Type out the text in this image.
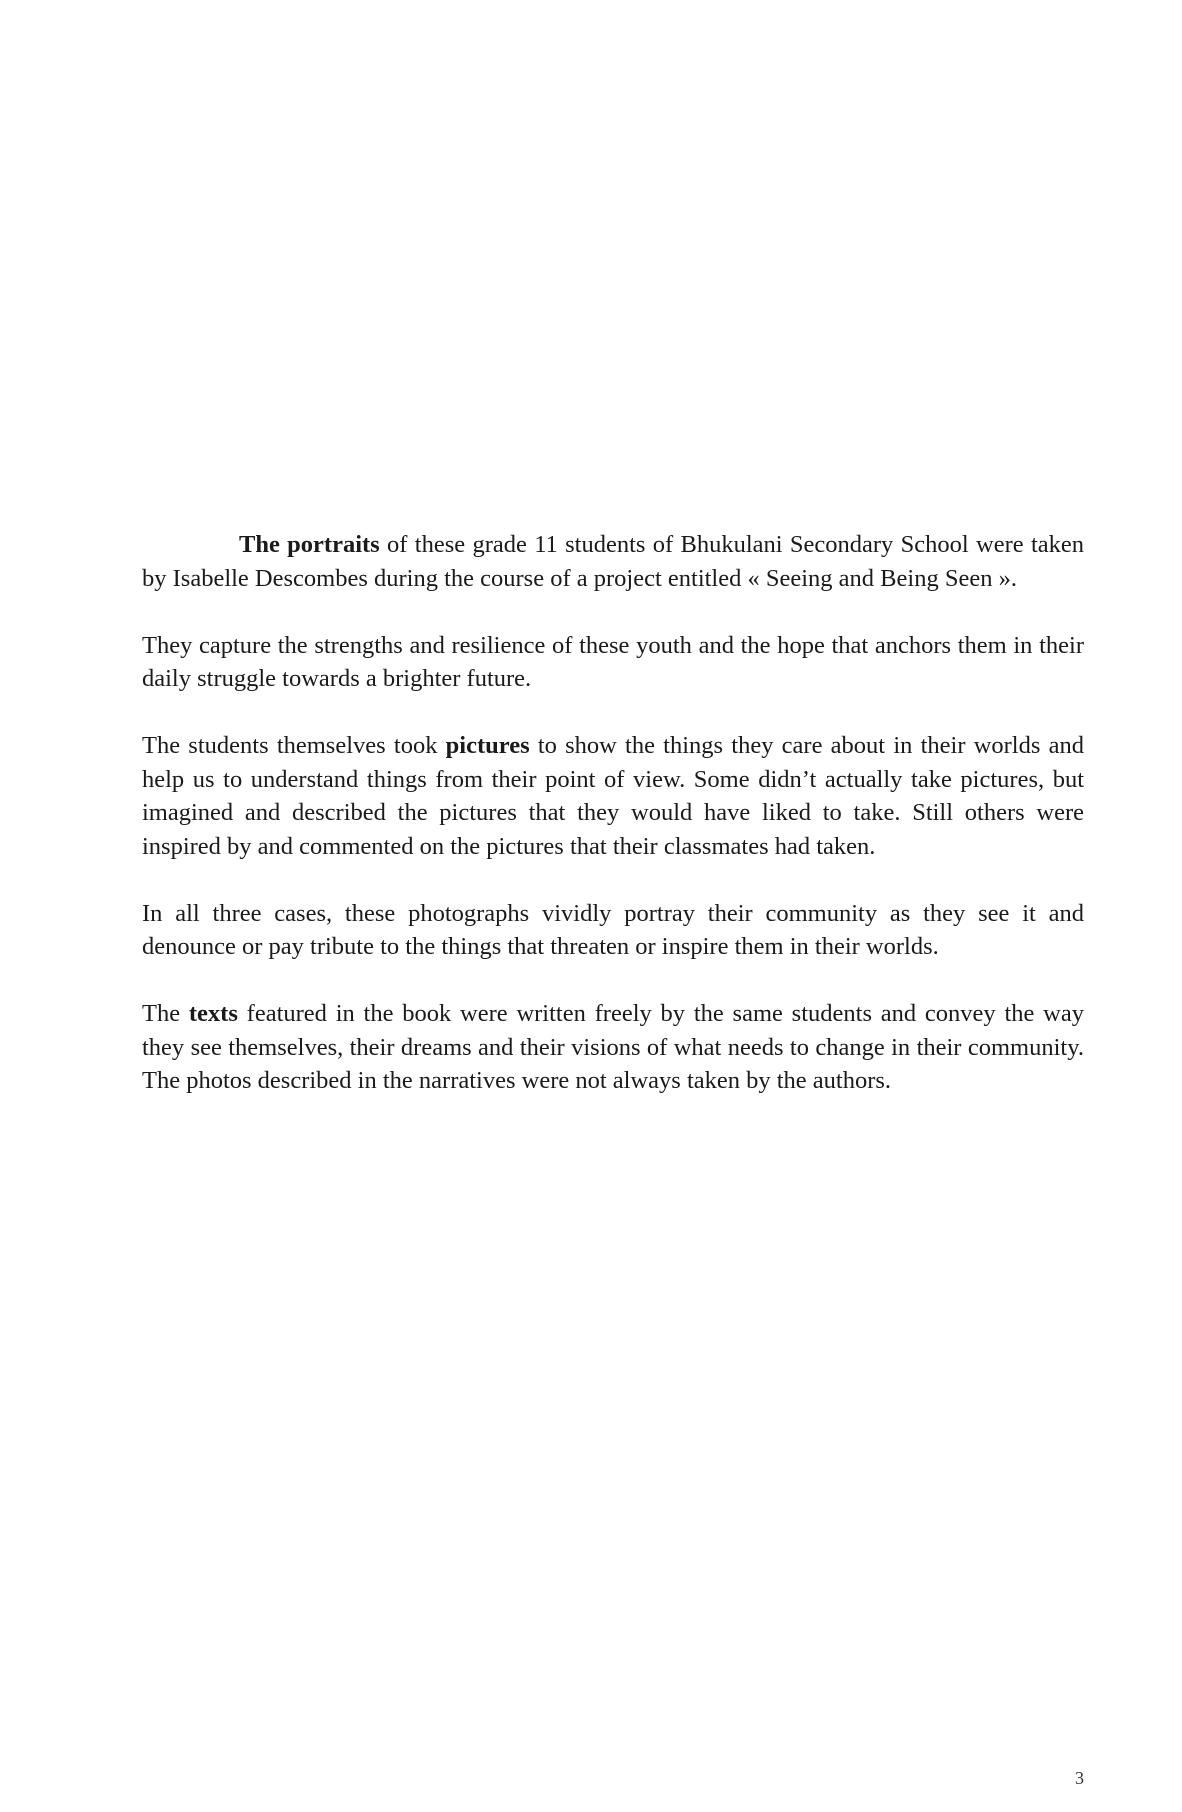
The portraits of these grade 11 students of Bhukulani Secondary School were taken by Isabelle Descombes during the course of a project entitled « Seeing and Being Seen ».

They capture the strengths and resilience of these youth and the hope that anchors them in their daily struggle towards a brighter future.

The students themselves took pictures to show the things they care about in their worlds and help us to understand things from their point of view. Some didn’t actually take pictures, but imagined and described the pictures that they would have liked to take. Still others were inspired by and commented on the pictures that their classmates had taken.

In all three cases, these photographs vividly portray their community as they see it and denounce or pay tribute to the things that threaten or inspire them in their worlds.

The texts featured in the book were written freely by the same students and convey the way they see themselves, their dreams and their visions of what needs to change in their community. The photos described in the narratives were not always taken by the authors.

3
